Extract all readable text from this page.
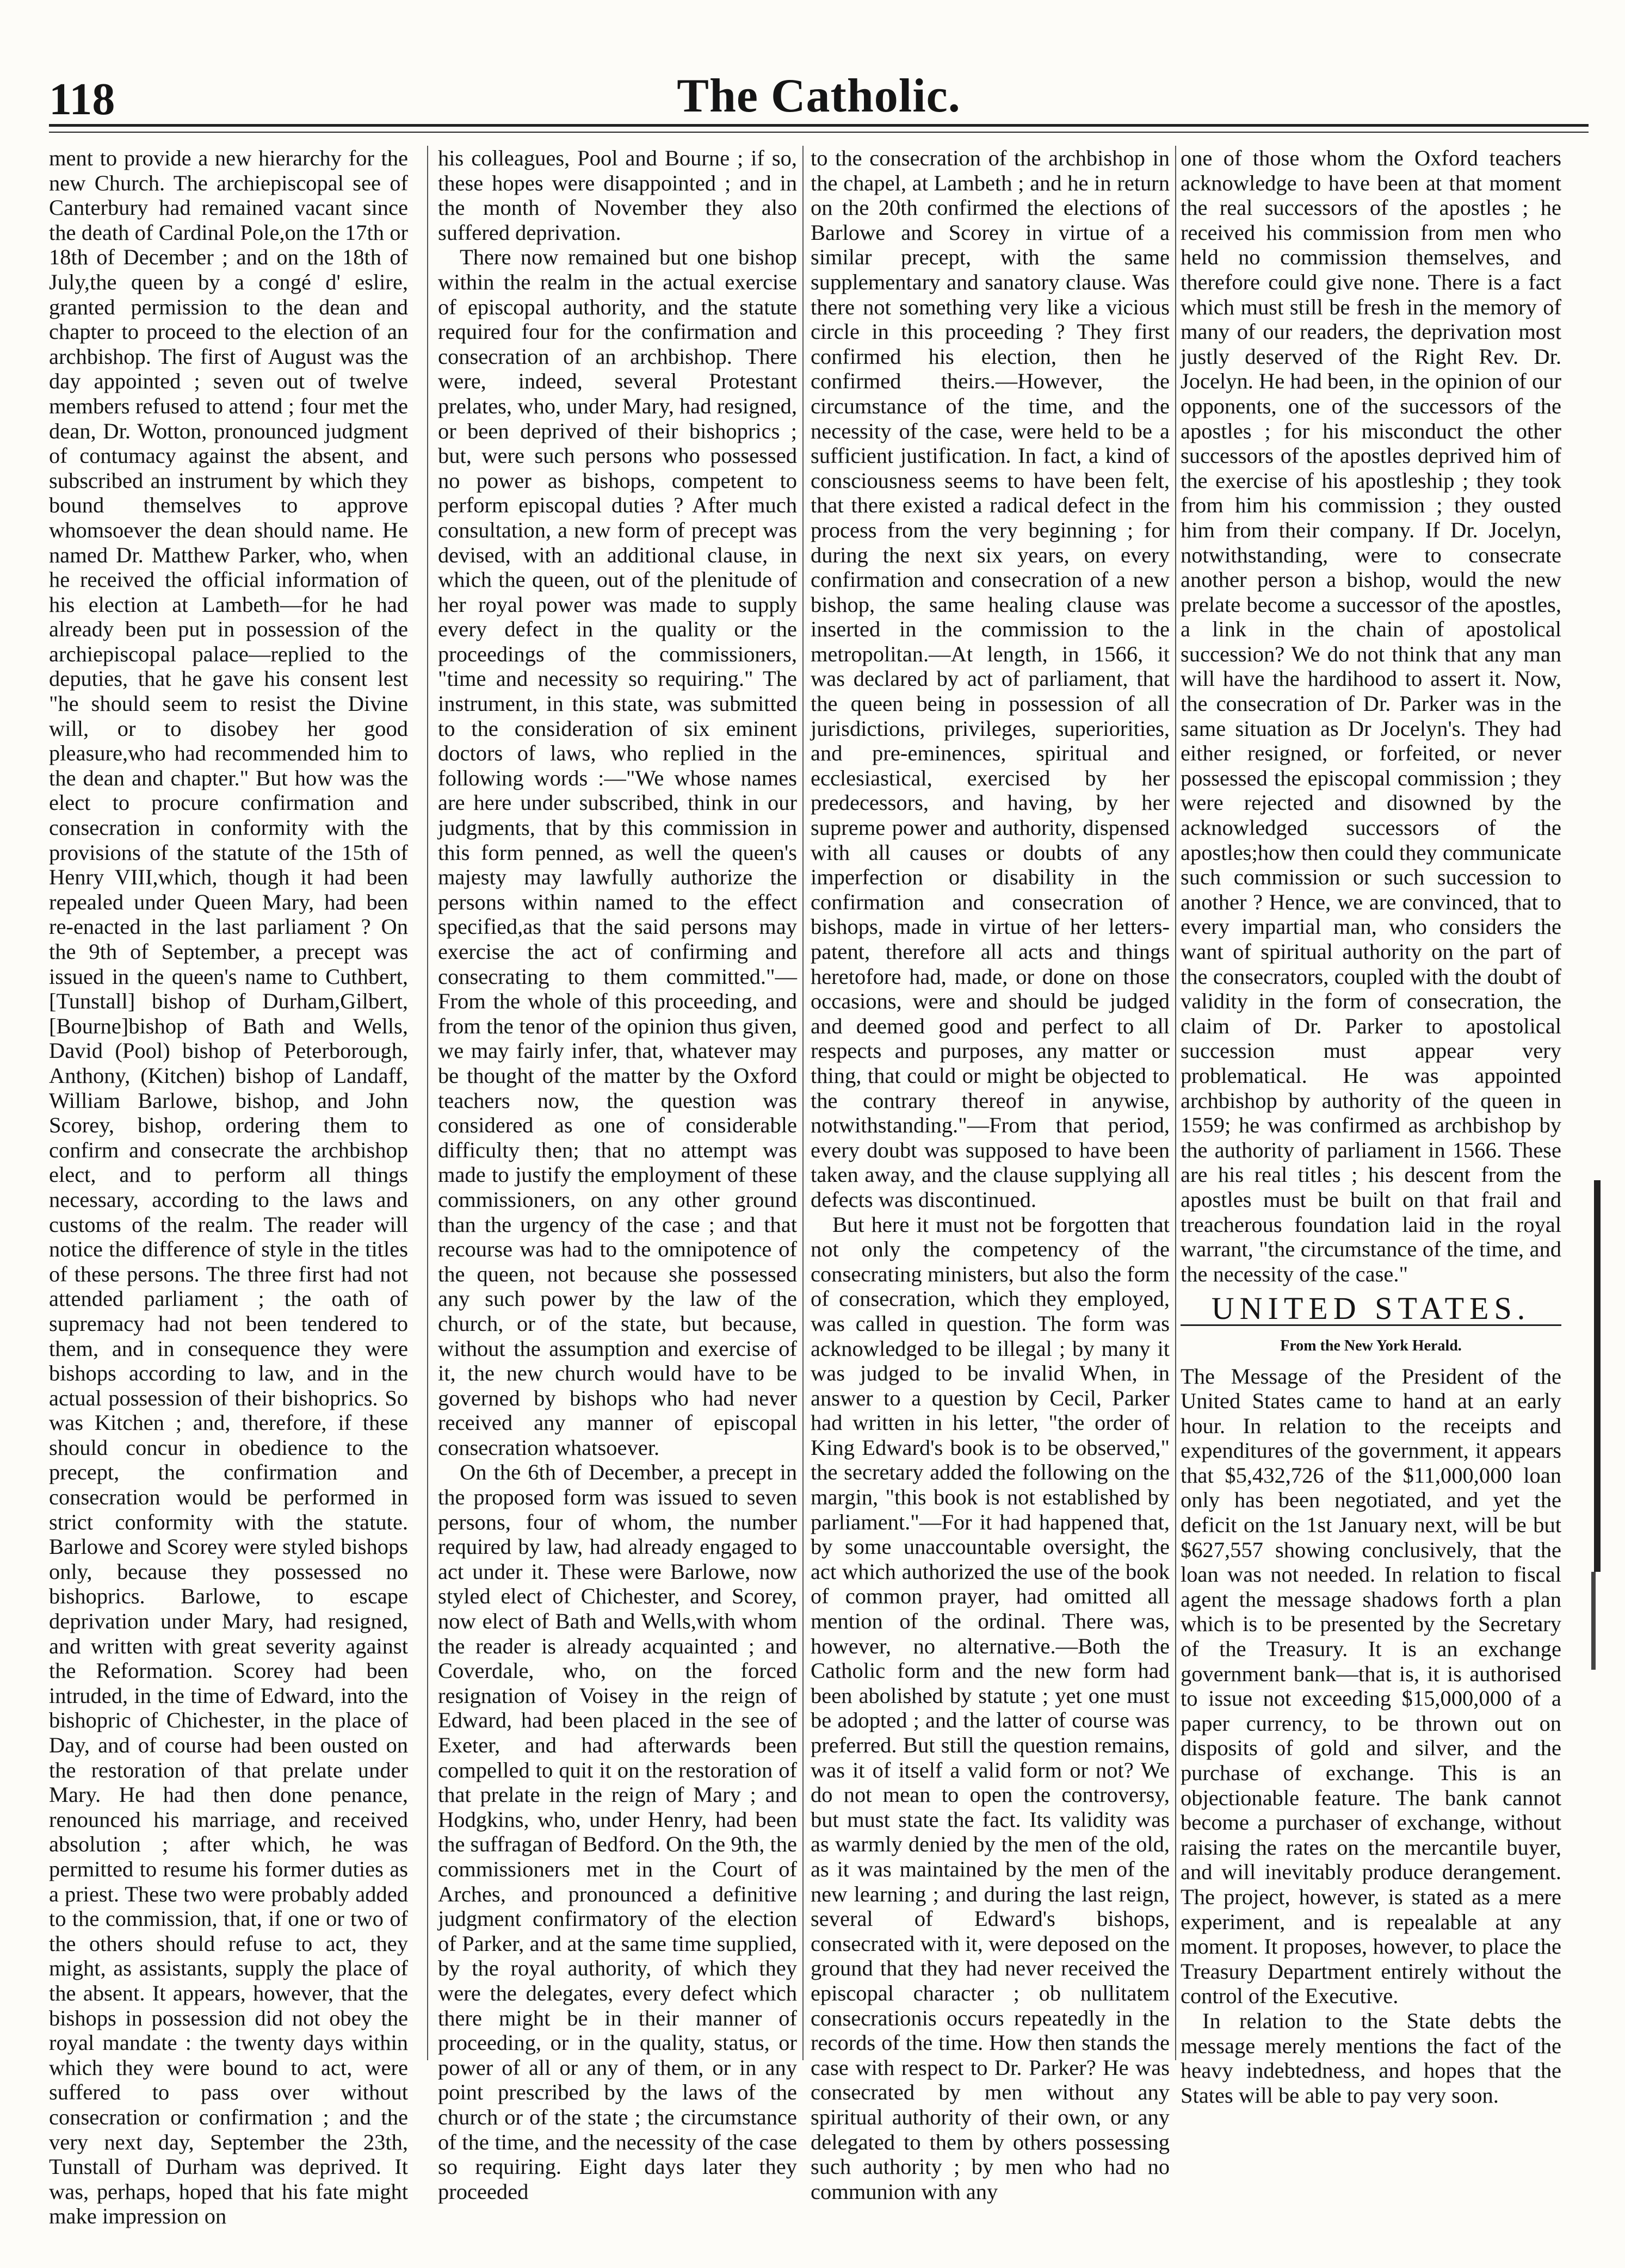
118	The Catholic.

ment to provide a new hierarchy for the new Church. The archiepiscopal see of Canterbury had remained vacant since the death of Cardinal Pole,on the 17th or 18th of December ; and on the 18th of July,the queen by a congé d' eslire, granted permission to the dean and chapter to proceed to the election of an archbishop. The first of August was the day appointed ; seven out of twelve members refused to attend ; four met the dean, Dr. Wotton, pronounced judgment of contumacy against the absent, and subscribed an instrument by which they bound themselves to approve whomsoever the dean should name. He named Dr. Matthew Parker, who, when he received the official information of his election at Lambeth—for he had already been put in possession of the archiepiscopal palace—replied to the deputies, that he gave his consent lest "he should seem to resist the Divine will, or to disobey her good pleasure,who had recommended him to the dean and chapter." But how was the elect to procure confirmation and consecration in conformity with the provisions of the statute of the 15th of Henry VIII,which, though it had been repealed under Queen Mary, had been re-enacted in the last parliament ? On the 9th of September, a precept was issued in the queen's name to Cuthbert, [Tunstall] bishop of Durham,Gilbert,[Bourne]bishop of Bath and Wells, David (Pool) bishop of Peterborough, Anthony, (Kitchen) bishop of Landaff, William Barlowe, bishop, and John Scorey, bishop, ordering them to confirm and consecrate the archbishop elect, and to perform all things necessary, according to the laws and customs of the realm. The reader will notice the difference of style in the titles of these persons. The three first had not attended parliament ; the oath of supremacy had not been tendered to them, and in consequence they were bishops according to law, and in the actual possession of their bishoprics. So was Kitchen ; and, therefore, if these should concur in obedience to the precept, the confirmation and consecration would be performed in strict conformity with the statute. Barlowe and Scorey were styled bishops only, because they possessed no bishoprics. Barlowe, to escape deprivation under Mary, had resigned, and written with great severity against the Reformation. Scorey had been intruded, in the time of Edward, into the bishopric of Chichester, in the place of Day, and of course had been ousted on the restoration of that prelate under Mary. He had then done penance, renounced his marriage, and received absolution ; after which, he was permitted to resume his former duties as a priest. These two were probably added to the commission, that, if one or two of the others should refuse to act, they might, as assistants, supply the place of the absent. It appears, however, that the bishops in possession did not obey the royal mandate : the twenty days within which they were bound to act, were suffered to pass over without consecration or confirmation ; and the very next day, September the 23th, Tunstall of Durham was deprived. It was, perhaps, hoped that his fate might make impression on

his colleagues, Pool and Bourne ; if so, these hopes were disappointed ; and in the month of November they also suffered deprivation.

There now remained but one bishop within the realm in the actual exercise of episcopal authority, and the statute required four for the confirmation and consecration of an archbishop. There were, indeed, several Protestant prelates, who, under Mary, had resigned, or been deprived of their bishoprics ; but, were such persons who possessed no power as bishops, competent to perform episcopal duties ? After much consultation, a new form of precept was devised, with an additional clause, in which the queen, out of the plenitude of her royal power was made to supply every defect in the quality or the proceedings of the commissioners, "time and necessity so requiring." The instrument, in this state, was submitted to the consideration of six eminent doctors of laws, who replied in the following words :—"We whose names are here under subscribed, think in our judgments, that by this commission in this form penned, as well the queen's majesty may lawfully authorize the persons within named to the effect specified,as that the said persons may exercise the act of confirming and consecrating to them committed."—From the whole of this proceeding, and from the tenor of the opinion thus given, we may fairly infer, that, whatever may be thought of the matter by the Oxford teachers now, the question was considered as one of considerable difficulty then; that no attempt was made to justify the employment of these commissioners, on any other ground than the urgency of the case ; and that recourse was had to the omnipotence of the queen, not because she possessed any such power by the law of the church, or of the state, but because, without the assumption and exercise of it, the new church would have to be governed by bishops who had never received any manner of episcopal consecration whatsoever.

On the 6th of December, a precept in the proposed form was issued to seven persons, four of whom, the number required by law, had already engaged to act under it. These were Barlowe, now styled elect of Chichester, and Scorey, now elect of Bath and Wells,with whom the reader is already acquainted ; and Coverdale, who, on the forced resignation of Voisey in the reign of Edward, had been placed in the see of Exeter, and had afterwards been compelled to quit it on the restoration of that prelate in the reign of Mary ; and Hodgkins, who, under Henry, had been the suffragan of Bedford. On the 9th, the commissioners met in the Court of Arches, and pronounced a definitive judgment confirmatory of the election of Parker, and at the same time supplied, by the royal authority, of which they were the delegates, every defect which there might be in their manner of proceeding, or in the quality, status, or power of all or any of them, or in any point prescribed by the laws of the church or of the state ; the circumstance of the time, and the necessity of the case so requiring. Eight days later they proceeded

to the consecration of the archbishop in the chapel, at Lambeth ; and he in return on the 20th confirmed the elections of Barlowe and Scorey in virtue of a similar precept, with the same supplementary and sanatory clause. Was there not something very like a vicious circle in this proceeding ? They first confirmed his election, then he confirmed theirs.—However, the circumstance of the time, and the necessity of the case, were held to be a sufficient justification. In fact, a kind of consciousness seems to have been felt, that there existed a radical defect in the process from the very beginning ; for during the next six years, on every confirmation and consecration of a new bishop, the same healing clause was inserted in the commission to the metropolitan.—At length, in 1566, it was declared by act of parliament, that the queen being in possession of all jurisdictions, privileges, superiorities, and pre-eminences, spiritual and ecclesiastical, exercised by her predecessors, and having, by her supreme power and authority, dispensed with all causes or doubts of any imperfection or disability in the confirmation and consecration of bishops, made in virtue of her letters-patent, therefore all acts and things heretofore had, made, or done on those occasions, were and should be judged and deemed good and perfect to all respects and purposes, any matter or thing, that could or might be objected to the contrary thereof in anywise, notwithstanding."—From that period, every doubt was supposed to have been taken away, and the clause supplying all defects was discontinued.

But here it must not be forgotten that not only the competency of the consecrating ministers, but also the form of consecration, which they employed, was called in question. The form was acknowledged to be illegal ; by many it was judged to be invalid When, in answer to a question by Cecil, Parker had written in his letter, "the order of King Edward's book is to be observed," the secretary added the following on the margin, "this book is not established by parliament."—For it had happened that, by some unaccountable oversight, the act which authorized the use of the book of common prayer, had omitted all mention of the ordinal. There was, however, no alternative.—Both the Catholic form and the new form had been abolished by statute ; yet one must be adopted ; and the latter of course was preferred. But still the question remains, was it of itself a valid form or not? We do not mean to open the controversy, but must state the fact. Its validity was as warmly denied by the men of the old, as it was maintained by the men of the new learning ; and during the last reign, several of Edward's bishops, consecrated with it, were deposed on the ground that they had never received the episcopal character ; ob nullitatem consecrationis occurs repeatedly in the records of the time. How then stands the case with respect to Dr. Parker? He was consecrated by men without any spiritual authority of their own, or any delegated to them by others possessing such authority ; by men who had no communion with any

one of those whom the Oxford teachers acknowledge to have been at that moment the real successors of the apostles ; he received his commission from men who held no commission themselves, and therefore could give none. There is a fact which must still be fresh in the memory of many of our readers, the deprivation most justly deserved of the Right Rev. Dr. Jocelyn. He had been, in the opinion of our opponents, one of the successors of the apostles ; for his misconduct the other successors of the apostles deprived him of the exercise of his apostleship ; they took from him his commission ; they ousted him from their company. If Dr. Jocelyn, notwithstanding, were to consecrate another person a bishop, would the new prelate become a successor of the apostles, a link in the chain of apostolical succession? We do not think that any man will have the hardihood to assert it. Now, the consecration of Dr. Parker was in the same situation as Dr Jocelyn's. They had either resigned, or forfeited, or never possessed the episcopal commission ; they were rejected and disowned by the acknowledged successors of the apostles;how then could they communicate such commission or such succession to another ? Hence, we are convinced, that to every impartial man, who considers the want of spiritual authority on the part of the consecrators, coupled with the doubt of validity in the form of consecration, the claim of Dr. Parker to apostolical succession must appear very problematical. He was appointed archbishop by authority of the queen in 1559; he was confirmed as archbishop by the authority of parliament in 1566. These are his real titles ; his descent from the apostles must be built on that frail and treacherous foundation laid in the royal warrant, "the circumstance of the time, and the necessity of the case."

UNITED STATES.
From the New York Herald.

The Message of the President of the United States came to hand at an early hour. In relation to the receipts and expenditures of the government, it appears that $5,432,726 of the $11,000,000 loan only has been negotiated, and yet the deficit on the 1st January next, will be but $627,557 showing conclusively, that the loan was not needed. In relation to fiscal agent the message shadows forth a plan which is to be presented by the Secretary of the Treasury. It is an exchange government bank—that is, it is authorised to issue not exceeding $15,000,000 of a paper currency, to be thrown out on disposits of gold and silver, and the purchase of exchange. This is an objectionable feature. The bank cannot become a purchaser of exchange, without raising the rates on the mercantile buyer, and will inevitably produce derangement. The project, however, is stated as a mere experiment, and is repealable at any moment. It proposes, however, to place the Treasury Department entirely without the control of the Executive.

In relation to the State debts the message merely mentions the fact of the heavy indebtedness, and hopes that the States will be able to pay very soon.
